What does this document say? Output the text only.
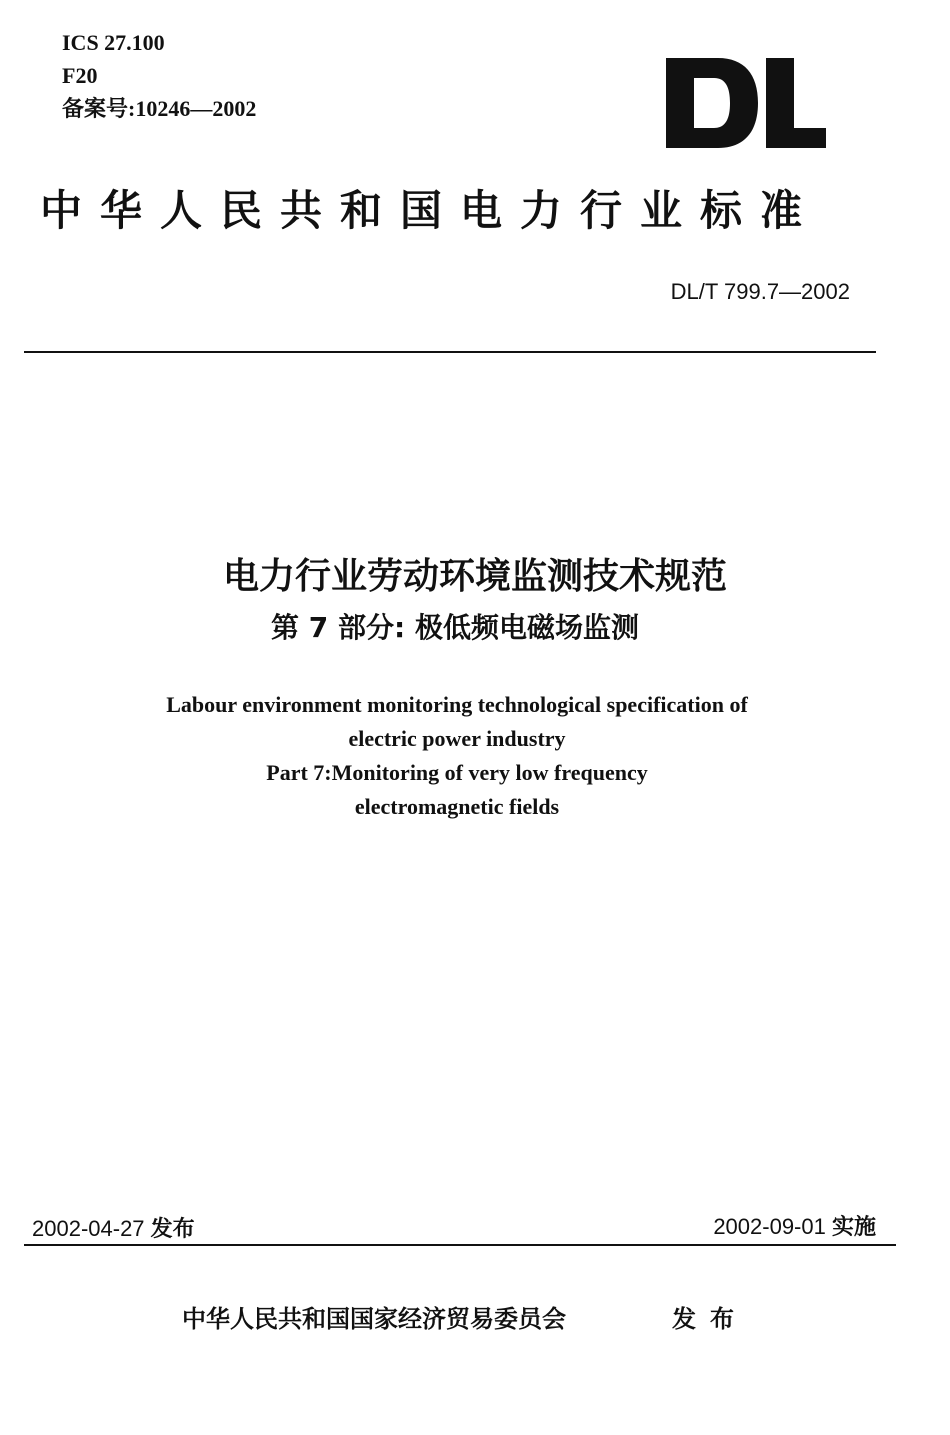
ICS 27.100
F20
备案号:10246—2002
中华人民共和国电力行业标准
DL/T 799.7—2002
电力行业劳动环境监测技术规范
第 7 部分: 极低频电磁场监测
Labour environment monitoring technological specification of
electric power industry
Part 7:Monitoring of very low frequency
electromagnetic fields
2002-04-27 发布	2002-09-01 实施
中华人民共和国国家经济贸易委员会	发布
